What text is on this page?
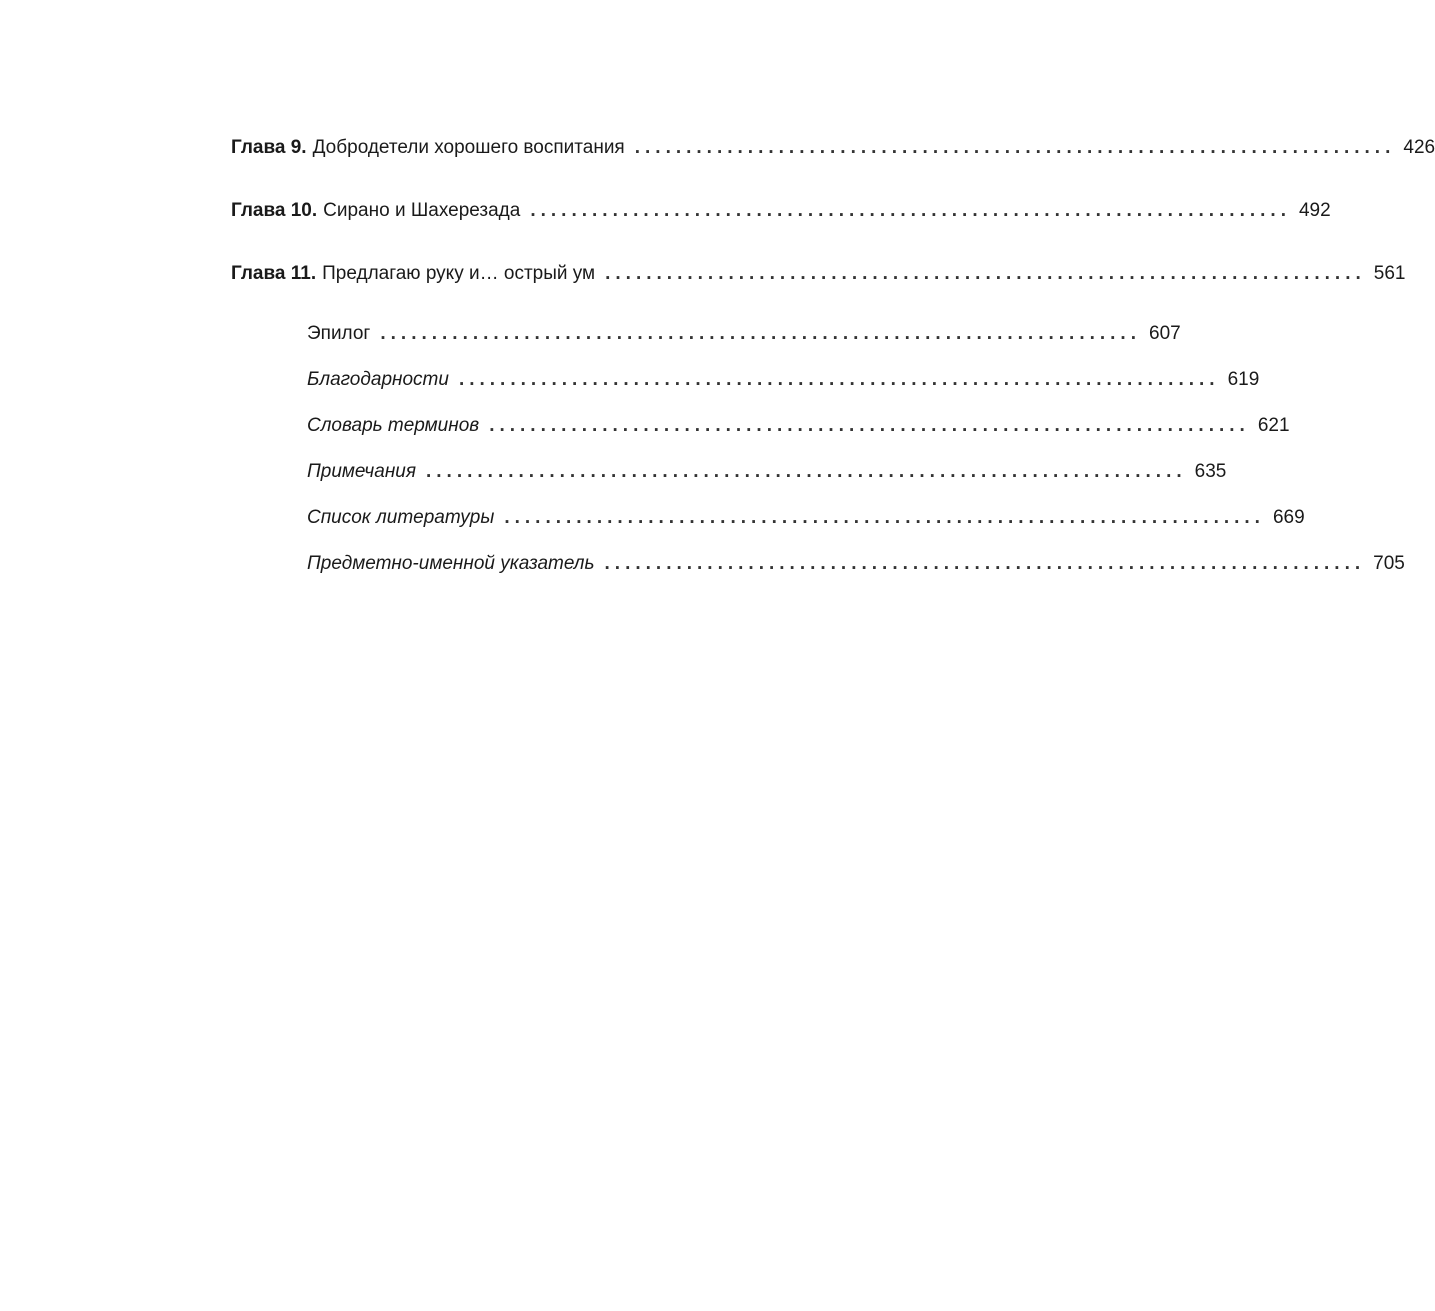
Глава 9. Добродетели хорошего воспитания .......................................................................... 426
Глава 10. Сирано и Шахерезада .......................................................................... 492
Глава 11. Предлагаю руку и… острый ум .......................................................................... 561
Эпилог .......................................................................... 607
Благодарности .......................................................................... 619
Словарь терминов .......................................................................... 621
Примечания .......................................................................... 635
Список литературы .......................................................................... 669
Предметно-именной указатель .......................................................................... 705
